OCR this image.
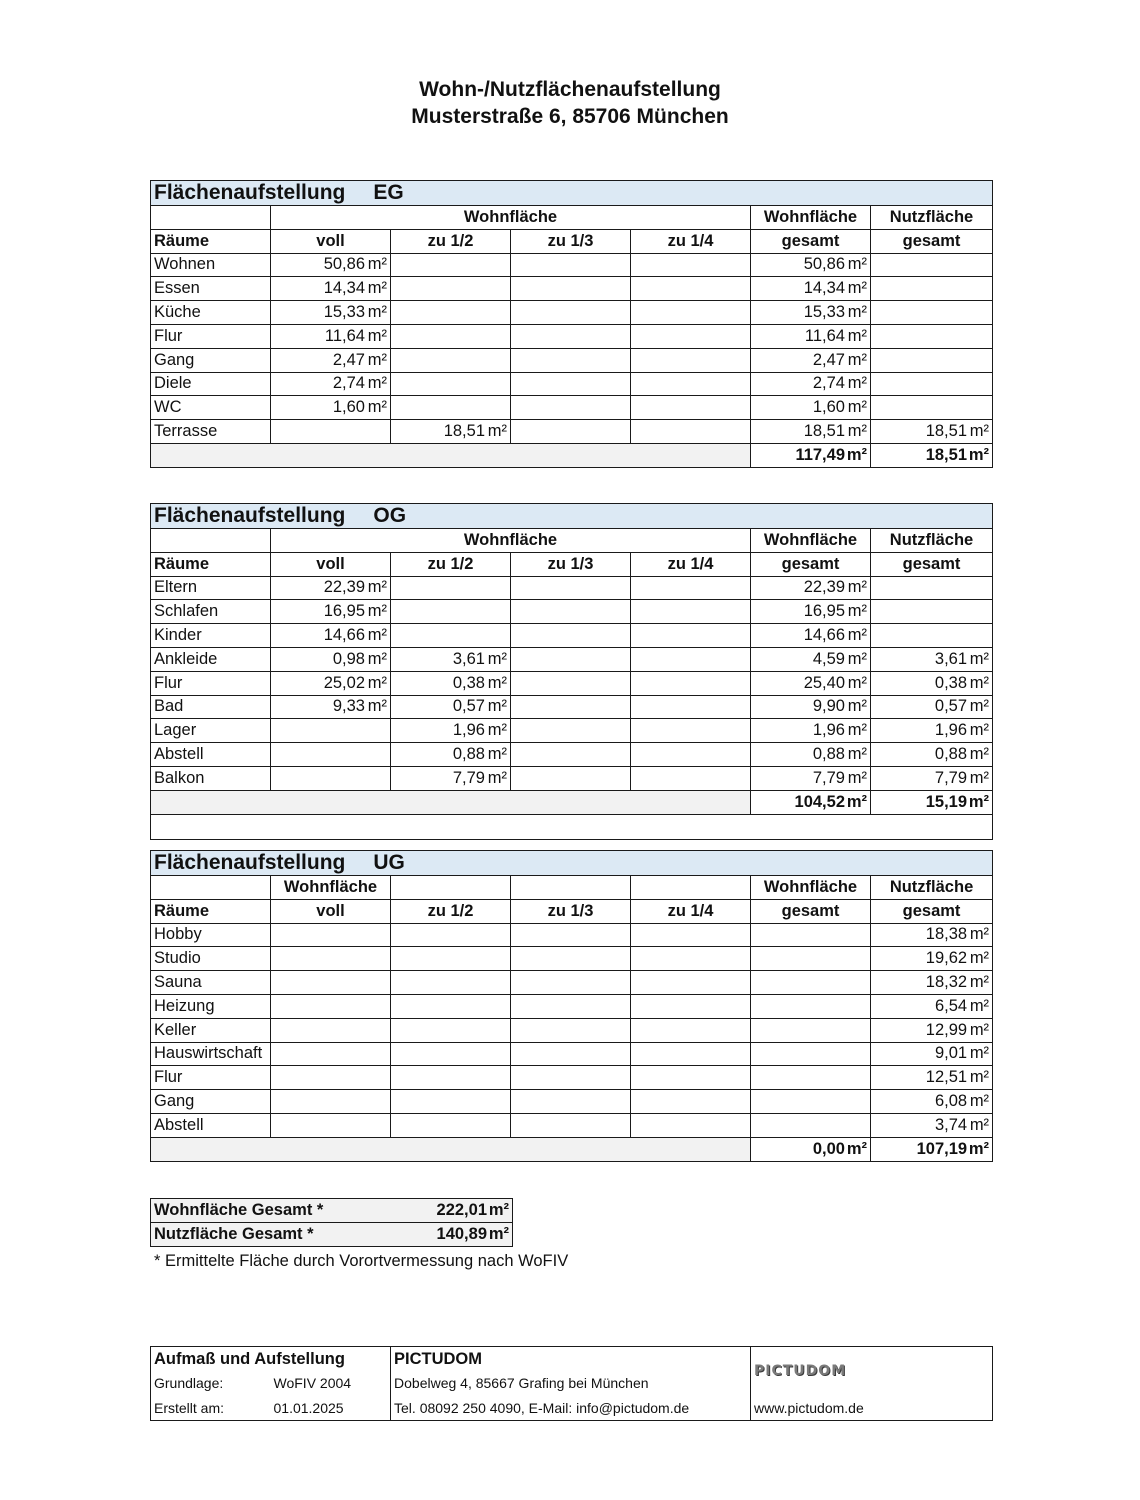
Wohn-/Nutzflächenaufstellung
Musterstraße 6, 85706 München
Flächenaufstellung EG						
	Wohnfläche				Wohnfläche	Nutzfläche
Räume	voll	zu 1/2	zu 1/3	zu 1/4	gesamt	gesamt
Wohnen	50,86 m²				50,86 m²	

Essen	14,34 m²				14,34 m²	

Küche	15,33 m²				15,33 m²	

Flur	11,64 m²				11,64 m²	

Gang	2,47 m²				2,47 m²	

Diele	2,74 m²				2,74 m²	

WC	1,60 m²				1,60 m²	

Terrasse		18,51 m²			18,51 m²	18,51 m²

					117,49 m²	18,51 m²
Flächenaufstellung OG						
	Wohnfläche				Wohnfläche	Nutzfläche
Räume	voll	zu 1/2	zu 1/3	zu 1/4	gesamt	gesamt
Eltern	22,39 m²				22,39 m²	

Schlafen	16,95 m²				16,95 m²	

Kinder	14,66 m²				14,66 m²	

Ankleide	0,98 m²	3,61 m²			4,59 m²	3,61 m²

Flur	25,02 m²	0,38 m²			25,40 m²	0,38 m²

Bad	9,33 m²	0,57 m²			9,90 m²	0,57 m²

Lager		1,96 m²			1,96 m²	1,96 m²

Abstell		0,88 m²			0,88 m²	0,88 m²

Balkon		7,79 m²			7,79 m²	7,79 m²

					104,52 m²	15,19 m²

Flächenaufstellung UG						
	Wohnfläche				Wohnfläche	Nutzfläche
Räume	voll	zu 1/2	zu 1/3	zu 1/4	gesamt	gesamt
Hobby						18,38 m²

Studio						19,62 m²

Sauna						18,32 m²

Heizung						6,54 m²

Keller						12,99 m²

Hauswirtschaft						9,01 m²

Flur						12,51 m²

Gang						6,08 m²

Abstell						3,74 m²

					0,00 m²	107,19 m²
Wohnfläche Gesamt *	222,01 m²

Nutzfläche Gesamt *	140,89 m²
* Ermittelte Fläche durch Vorortvermessung nach WoFIV
Aufmaß und Aufstellung		PICTUDOM	PICTUDOM
Grundlage:	WoFIV 2004	Dobelweg 4, 85667 Grafing bei München	
Erstellt am:	01.01.2025	Tel. 08092 250 4090, E-Mail: info@pictudom.de	www.pictudom.de
